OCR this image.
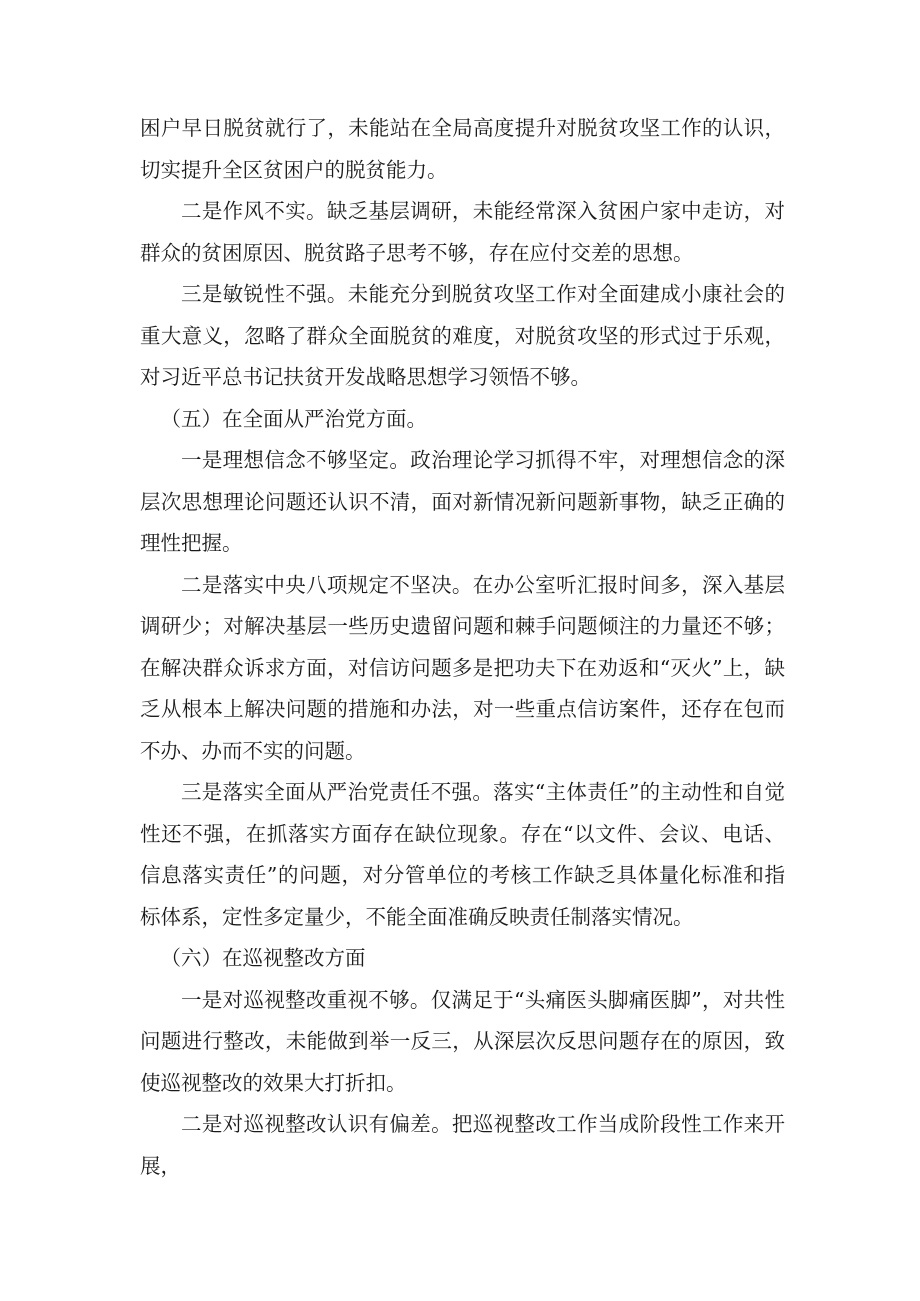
困户早日脱贫就行了，未能站在全局高度提升对脱贫攻坚工作的认识，切实提升全区贫困户的脱贫能力。

二是作风不实。缺乏基层调研，未能经常深入贫困户家中走访，对群众的贫困原因、脱贫路子思考不够，存在应付交差的思想。

三是敏锐性不强。未能充分到脱贫攻坚工作对全面建成小康社会的重大意义，忽略了群众全面脱贫的难度，对脱贫攻坚的形式过于乐观，对习近平总书记扶贫开发战略思想学习领悟不够。

（五）在全面从严治党方面。

一是理想信念不够坚定。政治理论学习抓得不牢，对理想信念的深层次思想理论问题还认识不清，面对新情况新问题新事物，缺乏正确的理性把握。

二是落实中央八项规定不坚决。在办公室听汇报时间多，深入基层调研少；对解决基层一些历史遗留问题和棘手问题倾注的力量还不够；在解决群众诉求方面，对信访问题多是把功夫下在劝返和“灭火”上，缺乏从根本上解决问题的措施和办法，对一些重点信访案件，还存在包而不办、办而不实的问题。

三是落实全面从严治党责任不强。落实“主体责任”的主动性和自觉性还不强，在抓落实方面存在缺位现象。存在“以文件、会议、电话、信息落实责任”的问题，对分管单位的考核工作缺乏具体量化标准和指标体系，定性多定量少，不能全面准确反映责任制落实情况。

（六）在巡视整改方面

一是对巡视整改重视不够。仅满足于“头痛医头脚痛医脚”，对共性问题进行整改，未能做到举一反三，从深层次反思问题存在的原因，致使巡视整改的效果大打折扣。

二是对巡视整改认识有偏差。把巡视整改工作当成阶段性工作来开展，
